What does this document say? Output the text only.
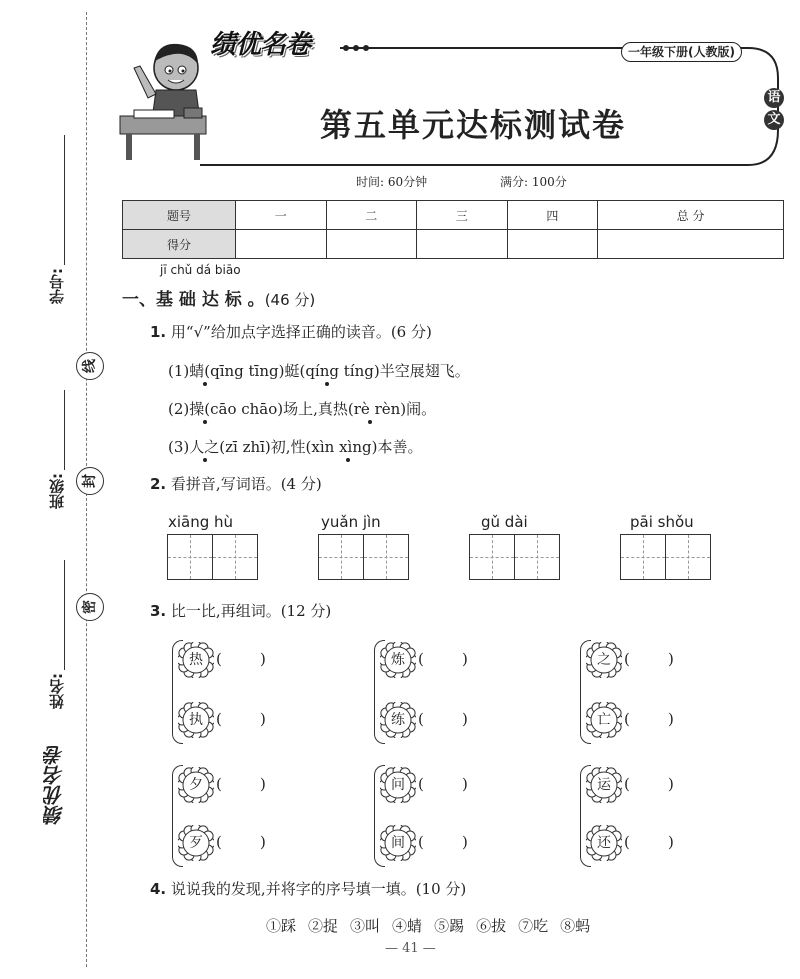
学号:
班级:
姓名:
线
封
密
绩优名卷
绩优名卷	一年级下册(人教版)
第五单元达标测试卷
语
文
时间: 60分钟	满分: 100分
题号	一	二	三	四	总 分
得分					
jī chǔ dá biāo
一、基 础 达 标 。(46 分)
1. 用“√”给加点字选择正确的读音。(6 分)
(1)蜻(qīng tīng)蜓(qíng tíng)半空展翅飞。
(2)操(cāo chāo)场上,真热(rè rèn)闹。
(3)人之(zī zhī)初,性(xìn xìng)本善。
2. 看拼音,写词语。(4 分)
xiāng hù	yuǎn jìn	gǔ dài	pāi shǒu
3. 比一比,再组词。(12 分)
热 (        )
执 (        )
炼 (        )
练 (        )
之 (        )
亡 (        )
夕 (        )
歹 (        )
问 (        )
间 (        )
运 (        )
还 (        )
4. 说说我的发现,并将字的序号填一填。(10 分)
①踩 ②捉 ③叫 ④蜻 ⑤踢 ⑥拔 ⑦吃 ⑧蚂
— 41 —
